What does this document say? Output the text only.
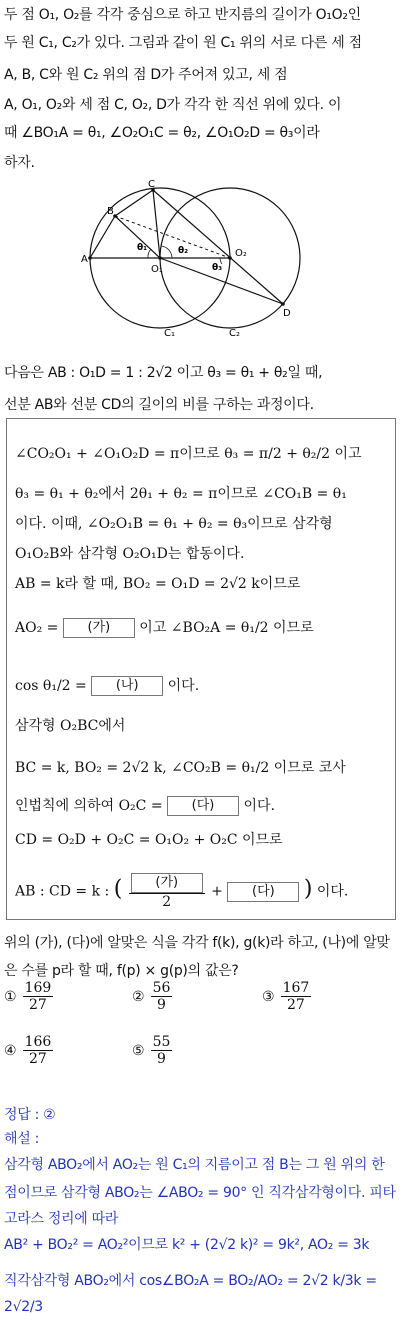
두 점 O₁, O₂를 각각 중심으로 하고 반지름의 길이가 O₁O₂인
두 원 C₁, C₂가 있다. 그림과 같이 원 C₁ 위의 서로 다른 세 점
A, B, C와 원 C₂ 위의 점 D가 주어져 있고, 세 점
A, O₁, O₂와 세 점 C, O₂, D가 각각 한 직선 위에 있다. 이
때 ∠BO₁A = θ₁, ∠O₂O₁C = θ₂, ∠O₁O₂D = θ₃이라
하자.
A
B
C
D
O₁
O₂
θ₁	θ₂
θ₃
C₁	C₂
다음은 AB : O₁D = 1 : 2√2 이고 θ₃ = θ₁ + θ₂일 때,
선분 AB와 선분 CD의 길이의 비를 구하는 과정이다.
∠CO₂O₁ + ∠O₁O₂D = π이므로 θ₃ = π/2 + θ₂/2 이고
θ₃ = θ₁ + θ₂에서 2θ₁ + θ₂ = π이므로 ∠CO₁B = θ₁
이다. 이때, ∠O₂O₁B = θ₁ + θ₂ = θ₃이므로 삼각형
O₁O₂B와 삼각형 O₂O₁D는 합동이다.
AB = k라 할 때, BO₂ = O₁D = 2√2 k이므로
AO₂ = (가) 이고 ∠BO₂A = θ₁/2 이므로
cos θ₁/2 = (나) 이다.
삼각형 O₂BC에서
BC = k, BO₂ = 2√2 k, ∠CO₂B = θ₁/2 이므로 코사
인법칙에 의하여 O₂C = (다) 이다.
CD = O₂D + O₂C = O₁O₂ + O₂C 이므로
AB : CD = k : ( $\frac{\text{(가)}}{2}$ + (다) ) 이다.
위의 (가), (다)에 알맞은 식을 각각 f(k), g(k)라 하고, (나)에 알맞
은 수를 p라 할 때, f(p) × g(p)의 값은?
① $\frac{169}{27}$	② $\frac{56}{9}$	③ $\frac{167}{27}$
④ $\frac{166}{27}$	⑤ $\frac{55}{9}$
정답 : ②
해설 :
삼각형 ABO₂에서 AO₂는 원 C₁의 지름이고 점 B는 그 원 위의 한
점이므로 삼각형 ABO₂는 ∠ABO₂ = 90° 인 직각삼각형이다. 피타
고라스 정리에 따라
AB² + BO₂² = AO₂²이므로 k² + (2√2 k)² = 9k², AO₂ = 3k
직각삼각형 ABO₂에서 cos∠BO₂A = BO₂/AO₂ = 2√2 k/3k = 2√2/3
